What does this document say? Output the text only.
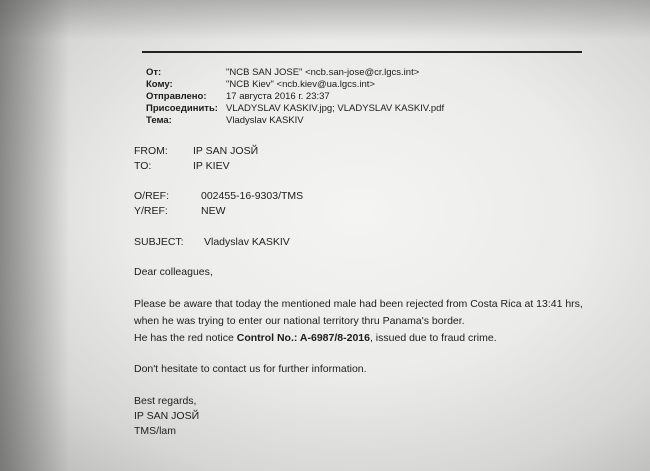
От:	"NCB SAN JOSE" <ncb.san-jose@cr.lgcs.int>
Кому:	"NCB Kiev" <ncb.kiev@ua.lgcs.int>
Отправлено: 17 августа 2016 г. 23:37
Присоединить: VLADYSLAV KASKIV.jpg; VLADYSLAV KASKIV.pdf
Тема:	Vladyslav KASKIV
FROM: IP SAN JOSЙ
TO:	IP KIEV
O/REF:	002455-16-9303/TMS
Y/REF:	NEW
SUBJECT: Vladyslav KASKIV
Dear colleagues,
Please be aware that today the mentioned male had been rejected from Costa Rica at 13:41 hrs,
when he was trying to enter our national territory thru Panama's border.
He has the red notice Control No.: A-6987/8-2016, issued due to fraud crime.
Don't hesitate to contact us for further information.
Best regards,
IP SAN JOSЙ
TMS/lam
